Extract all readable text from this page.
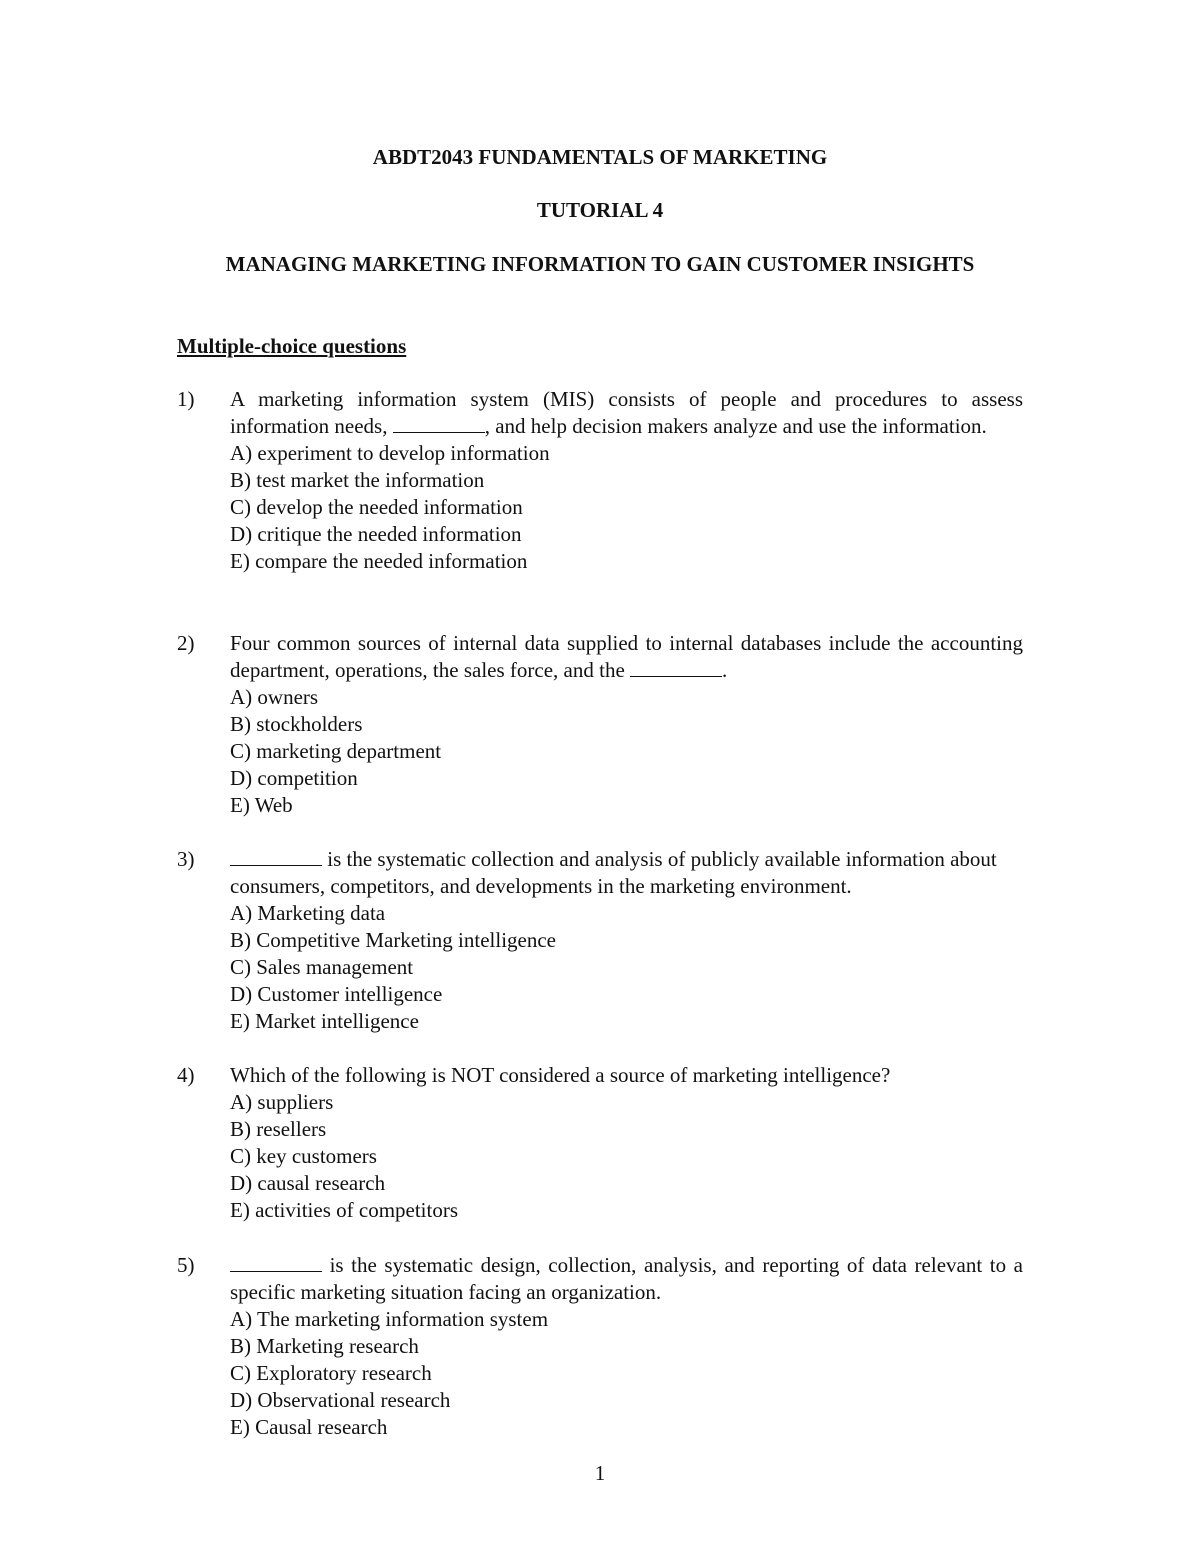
ABDT2043 FUNDAMENTALS OF MARKETING
TUTORIAL 4
MANAGING MARKETING INFORMATION TO GAIN CUSTOMER INSIGHTS
Multiple-choice questions
1)	A marketing information system (MIS) consists of people and procedures to assess information needs,	, and help decision makers analyze and use the information.
A) experiment to develop information
B) test market the information
C) develop the needed information
D) critique the needed information
E) compare the needed information
2)	Four common sources of internal data supplied to internal databases include the accounting department, operations, the sales force, and the	.
A) owners
B) stockholders
C) marketing department
D) competition
E) Web
3)	is the systematic collection and analysis of publicly available information about consumers, competitors, and developments in the marketing environment.
A) Marketing data
B) Competitive Marketing intelligence
C) Sales management
D) Customer intelligence
E) Market intelligence
4)	Which of the following is NOT considered a source of marketing intelligence?
A) suppliers
B) resellers
C) key customers
D) causal research
E) activities of competitors
5)	is the systematic design, collection, analysis, and reporting of data relevant to a specific marketing situation facing an organization.
A) The marketing information system
B) Marketing research
C) Exploratory research
D) Observational research
E) Causal research
1
